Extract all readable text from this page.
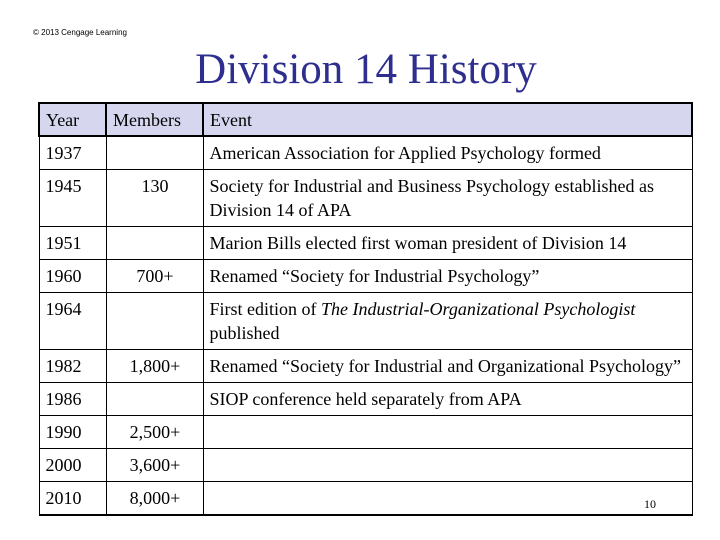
© 2013 Cengage Learning
Division 14 History
Year	Members	Event
1937		American Association for Applied Psychology formed
1945	130	Society for Industrial and Business Psychology established as Division 14 of APA
1951		Marion Bills elected first woman president of Division 14
1960	700+	Renamed “Society for Industrial Psychology”
1964		First edition of The Industrial-Organizational Psychologist published
1982	1,800+	Renamed “Society for Industrial and Organizational Psychology”
1986		SIOP conference held separately from APA
1990	2,500+	
2000	3,600+	
2010	8,000+		10
